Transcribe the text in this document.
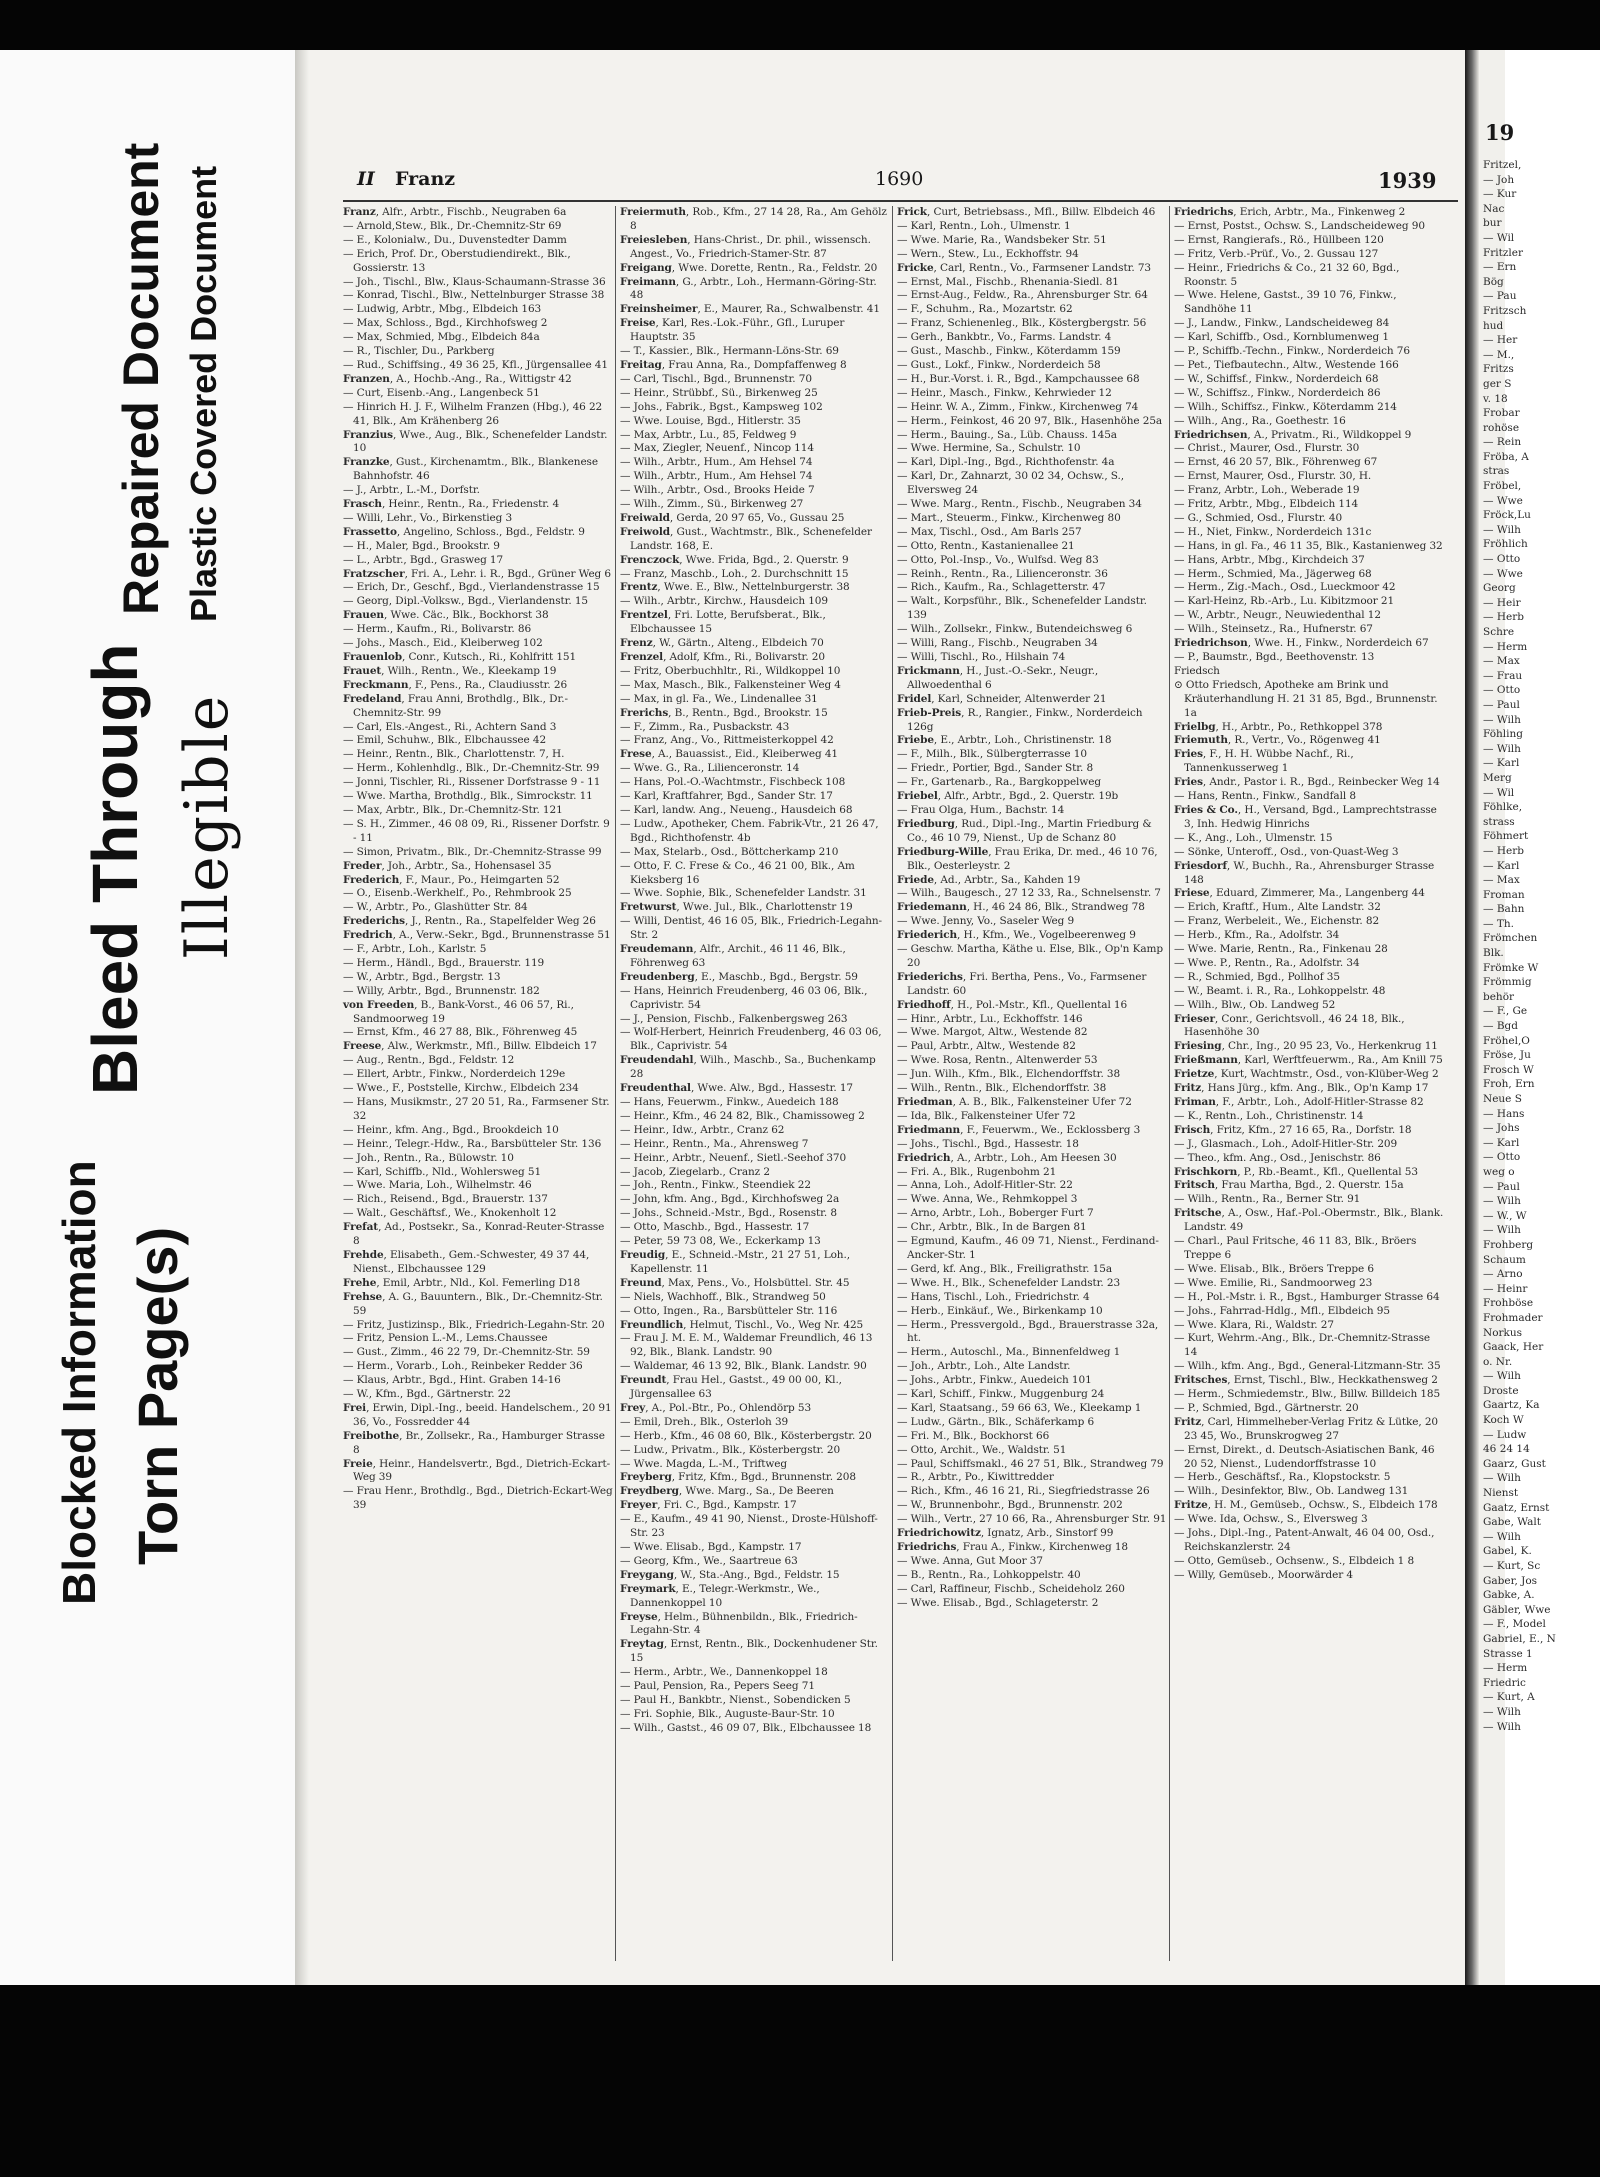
Blocked Information Torn Page(s)
Bleed Through Illegible
Repaired Document Plastic Covered Document	II Franz	1690	1939

Franz, Alfr., Arbtr., Fischb., Neugraben 6a

— Arnold,Stew., Blk., Dr.-Chemnitz-Str 69

— E., Kolonialw., Du., Duvenstedter Damm

— Erich, Prof. Dr., Oberstudiendirekt., Blk., Gossierstr. 13

— Joh., Tischl., Blw., Klaus-Schaumann-Strasse 36

— Konrad, Tischl., Blw., Nettelnburger Strasse 38

— Ludwig, Arbtr., Mbg., Elbdeich 163

— Max, Schloss., Bgd., Kirchhofsweg 2

— Max, Schmied, Mbg., Elbdeich 84a

— R., Tischler, Du., Parkberg

— Rud., Schiffsing., 49 36 25, Kfl., Jürgensallee 41

Franzen, A., Hochb.-Ang., Ra., Wittigstr 42

— Curt, Eisenb.-Ang., Langenbeck 51

— Hinrich H. J. F., Wilhelm Franzen (Hbg.), 46 22 41, Blk., Am Krähenberg 26

Franzius, Wwe., Aug., Blk., Schenefelder Landstr. 10

Franzke, Gust., Kirchenamtm., Blk., Blankenese Bahnhofstr. 46

— J., Arbtr., L.-M., Dorfstr.

Frasch, Heinr., Rentn., Ra., Friedenstr. 4

— Willi, Lehr., Vo., Birkenstieg 3

Frassetto, Angelino, Schloss., Bgd., Feldstr. 9

— H., Maler, Bgd., Brookstr. 9

— L., Arbtr., Bgd., Grasweg 17

Fratzscher, Fri. A., Lehr. i. R., Bgd., Grüner Weg 6

— Erich, Dr., Geschf., Bgd., Vierlandenstrasse 15

— Georg, Dipl.-Volksw., Bgd., Vierlandenstr. 15

Frauen, Wwe. Cäc., Blk., Bockhorst 38

— Herm., Kaufm., Ri., Bolivarstr. 86

— Johs., Masch., Eid., Kleiberweg 102

Frauenlob, Conr., Kutsch., Ri., Kohlfritt 151

Frauet, Wilh., Rentn., We., Kleekamp 19

Freckmann, F., Pens., Ra., Claudiusstr. 26

Fredeland, Frau Anni, Brothdlg., Blk., Dr.-Chemnitz-Str. 99

— Carl, Els.-Angest., Ri., Achtern Sand 3

— Emil, Schuhw., Blk., Elbchaussee 42

— Heinr., Rentn., Blk., Charlottenstr. 7, H.

— Herm., Kohlenhdlg., Blk., Dr.-Chemnitz-Str. 99

— Jonni, Tischler, Ri., Rissener Dorfstrasse 9 - 11

— Wwe. Martha, Brothdlg., Blk., Simrockstr. 11

— Max, Arbtr., Blk., Dr.-Chemnitz-Str. 121

— S. H., Zimmer., 46 08 09, Ri., Rissener Dorfstr. 9 - 11

— Simon, Privatm., Blk., Dr.-Chemnitz-Strasse 99

Freder, Joh., Arbtr., Sa., Hohensasel 35

Frederich, F., Maur., Po., Heimgarten 52

— O., Eisenb.-Werkhelf., Po., Rehmbrook 25

— W., Arbtr., Po., Glashütter Str. 84

Frederichs, J., Rentn., Ra., Stapelfelder Weg 26

Fredrich, A., Verw.-Sekr., Bgd., Brunnenstrasse 51

— F., Arbtr., Loh., Karlstr. 5

— Herm., Händl., Bgd., Brauerstr. 119

— W., Arbtr., Bgd., Bergstr. 13

— Willy, Arbtr., Bgd., Brunnenstr. 182

von Freeden, B., Bank-Vorst., 46 06 57, Ri., Sandmoorweg 19

— Ernst, Kfm., 46 27 88, Blk., Föhrenweg 45

Freese, Alw., Werkmstr., Mfl., Billw. Elbdeich 17

— Aug., Rentn., Bgd., Feldstr. 12

— Ellert, Arbtr., Finkw., Norderdeich 129e

— Wwe., F., Poststelle, Kirchw., Elbdeich 234

— Hans, Musikmstr., 27 20 51, Ra., Farmsener Str. 32

— Heinr., kfm. Ang., Bgd., Brookdeich 10

— Heinr., Telegr.-Hdw., Ra., Barsbütteler Str. 136

— Joh., Rentn., Ra., Bülowstr. 10

— Karl, Schiffb., Nld., Wohlersweg 51

— Wwe. Maria, Loh., Wilhelmstr. 46

— Rich., Reisend., Bgd., Brauerstr. 137

— Walt., Geschäftsf., We., Knokenholt 12

Frefat, Ad., Postsekr., Sa., Konrad-Reuter-Strasse 8

Frehde, Elisabeth., Gem.-Schwester, 49 37 44, Nienst., Elbchaussee 129

Frehe, Emil, Arbtr., Nld., Kol. Femerling D18

Frehse, A. G., Bauuntern., Blk., Dr.-Chemnitz-Str. 59

— Fritz, Justizinsp., Blk., Friedrich-Legahn-Str. 20

— Fritz, Pension L.-M., Lems.Chaussee

— Gust., Zimm., 46 22 79, Dr.-Chemnitz-Str. 59

— Herm., Vorarb., Loh., Reinbeker Redder 36

— Klaus, Arbtr., Bgd., Hint. Graben 14-16

— W., Kfm., Bgd., Gärtnerstr. 22

Frei, Erwin, Dipl.-Ing., beeid. Handelschem., 20 91 36, Vo., Fossredder 44

Freibothe, Br., Zollsekr., Ra., Hamburger Strasse 8

Freie, Heinr., Handelsvertr., Bgd., Dietrich-Eckart-Weg 39

— Frau Henr., Brothdlg., Bgd., Dietrich-Eckart-Weg 39

Freiermuth, Rob., Kfm., 27 14 28, Ra., Am Gehölz 8

Freiesleben, Hans-Christ., Dr. phil., wissensch. Angest., Vo., Friedrich-Stamer-Str. 87

Freigang, Wwe. Dorette, Rentn., Ra., Feldstr. 20

Freimann, G., Arbtr., Loh., Hermann-Göring-Str. 48

Freinsheimer, E., Maurer, Ra., Schwalbenstr. 41

Freise, Karl, Res.-Lok.-Führ., Gfl., Luruper Hauptstr. 35

— T., Kassier., Blk., Hermann-Löns-Str. 69

Freitag, Frau Anna, Ra., Dompfaffenweg 8

— Carl, Tischl., Bgd., Brunnenstr. 70

— Heinr., Strübbf., Sü., Birkenweg 25

— Johs., Fabrik., Bgst., Kampsweg 102

— Wwe. Louise, Bgd., Hitlerstr. 35

— Max, Arbtr., Lu., 85, Feldweg 9

— Max, Ziegler, Neuenf., Nincop 114

— Wilh., Arbtr., Hum., Am Hehsel 74

— Wilh., Arbtr., Hum., Am Hehsel 74

— Wilh., Arbtr., Osd., Brooks Heide 7

— Wilh., Zimm., Sü., Birkenweg 27

Freiwald, Gerda, 20 97 65, Vo., Gussau 25

Freiwold, Gust., Wachtmstr., Blk., Schenefelder Landstr. 168, E.

Frenczock, Wwe. Frida, Bgd., 2. Querstr. 9

— Franz, Maschb., Loh., 2. Durchschnitt 15

Frentz, Wwe. E., Blw., Nettelnburgerstr. 38

— Wilh., Arbtr., Kirchw., Hausdeich 109

Frentzel, Fri. Lotte, Berufsberat., Blk., Elbchaussee 15

Frenz, W., Gärtn., Alteng., Elbdeich 70

Frenzel, Adolf, Kfm., Ri., Bolivarstr. 20

— Fritz, Oberbuchhltr., Ri., Wildkoppel 10

— Max, Masch., Blk., Falkensteiner Weg 4

— Max, in gl. Fa., We., Lindenallee 31

Frerichs, B., Rentn., Bgd., Brookstr. 15

— F., Zimm., Ra., Pusbackstr. 43

— Franz, Ang., Vo., Rittmeisterkoppel 42

Frese, A., Bauassist., Eid., Kleiberweg 41

— Wwe. G., Ra., Lilienceronstr. 14

— Hans, Pol.-O.-Wachtmstr., Fischbeck 108

— Karl, Kraftfahrer, Bgd., Sander Str. 17

— Karl, landw. Ang., Neueng., Hausdeich 68

— Ludw., Apotheker, Chem. Fabrik-Vtr., 21 26 47, Bgd., Richthofenstr. 4b

— Max, Stelarb., Osd., Böttcherkamp 210

— Otto, F. C. Frese & Co., 46 21 00, Blk., Am Kieksberg 16

— Wwe. Sophie, Blk., Schenefelder Landstr. 31

Fretwurst, Wwe. Jul., Blk., Charlottenstr 19

— Willi, Dentist, 46 16 05, Blk., Friedrich-Legahn-Str. 2

Freudemann, Alfr., Archit., 46 11 46, Blk., Föhrenweg 63

Freudenberg, E., Maschb., Bgd., Bergstr. 59

— Hans, Heinrich Freudenberg, 46 03 06, Blk., Caprivistr. 54

— J., Pension, Fischb., Falkenbergsweg 263

— Wolf-Herbert, Heinrich Freudenberg, 46 03 06, Blk., Caprivistr. 54

Freudendahl, Wilh., Maschb., Sa., Buchenkamp 28

Freudenthal, Wwe. Alw., Bgd., Hassestr. 17

— Hans, Feuerwm., Finkw., Auedeich 188

— Heinr., Kfm., 46 24 82, Blk., Chamissoweg 2

— Heinr., Idw., Arbtr., Cranz 62

— Heinr., Rentn., Ma., Ahrensweg 7

— Heinr., Arbtr., Neuenf., Sietl.-Seehof 370

— Jacob, Ziegelarb., Cranz 2

— Joh., Rentn., Finkw., Steendiek 22

— John, kfm. Ang., Bgd., Kirchhofsweg 2a

— Johs., Schneid.-Mstr., Bgd., Rosenstr. 8

— Otto, Maschb., Bgd., Hassestr. 17

— Peter, 59 73 08, We., Eckerkamp 13

Freudig, E., Schneid.-Mstr., 21 27 51, Loh., Kapellenstr. 11

Freund, Max, Pens., Vo., Holsbüttel. Str. 45

— Niels, Wachhoff., Blk., Strandweg 50

— Otto, Ingen., Ra., Barsbütteler Str. 116

Freundlich, Helmut, Tischl., Vo., Weg Nr. 425

— Frau J. M. E. M., Waldemar Freundlich, 46 13 92, Blk., Blank. Landstr. 90

— Waldemar, 46 13 92, Blk., Blank. Landstr. 90

Freundt, Frau Hel., Gastst., 49 00 00, Kl., Jürgensallee 63

Frey, A., Pol.-Btr., Po., Ohlendörp 53

— Emil, Dreh., Blk., Osterloh 39

— Herb., Kfm., 46 08 60, Blk., Kösterbergstr. 20

— Ludw., Privatm., Blk., Kösterbergstr. 20

— Wwe. Magda, L.-M., Triftweg

Freyberg, Fritz, Kfm., Bgd., Brunnenstr. 208

Freydberg, Wwe. Marg., Sa., De Beeren

Freyer, Fri. C., Bgd., Kampstr. 17

— E., Kaufm., 49 41 90, Nienst., Droste-Hülshoff-Str. 23

— Wwe. Elisab., Bgd., Kampstr. 17

— Georg, Kfm., We., Saartreue 63

Freygang, W., Sta.-Ang., Bgd., Feldstr. 15

Freymark, E., Telegr.-Werkmstr., We., Dannenkoppel 10

Freyse, Helm., Bühnenbildn., Blk., Friedrich-Legahn-Str. 4

Freytag, Ernst, Rentn., Blk., Dockenhudener Str. 15

— Herm., Arbtr., We., Dannenkoppel 18

— Paul, Pension, Ra., Pepers Seeg 71

— Paul H., Bankbtr., Nienst., Sobendicken 5

— Fri. Sophie, Blk., Auguste-Baur-Str. 10

— Wilh., Gastst., 46 09 07, Blk., Elbchaussee 18

Frick, Curt, Betriebsass., Mfl., Billw. Elbdeich 46

— Karl, Rentn., Loh., Ulmenstr. 1

— Wwe. Marie, Ra., Wandsbeker Str. 51

— Wern., Stew., Lu., Eckhoffstr. 94

Fricke, Carl, Rentn., Vo., Farmsener Landstr. 73

— Ernst, Mal., Fischb., Rhenania-Siedl. 81

— Ernst-Aug., Feldw., Ra., Ahrensburger Str. 64

— F., Schuhm., Ra., Mozartstr. 62

— Franz, Schienenleg., Blk., Köstergbergstr. 56

— Gerh., Bankbtr., Vo., Farms. Landstr. 4

— Gust., Maschb., Finkw., Köterdamm 159

— Gust., Lokf., Finkw., Norderdeich 58

— H., Bur.-Vorst. i. R., Bgd., Kampchaussee 68

— Heinr., Masch., Finkw., Kehrwieder 12

— Heinr. W. A., Zimm., Finkw., Kirchenweg 74

— Herm., Feinkost, 46 20 97, Blk., Hasenhöhe 25a

— Herm., Bauing., Sa., Lüb. Chauss. 145a

— Wwe. Hermine, Sa., Schulstr. 10

— Karl, Dipl.-Ing., Bgd., Richthofenstr. 4a

— Karl, Dr., Zahnarzt, 30 02 34, Ochsw., S., Elversweg 24

— Wwe. Marg., Rentn., Fischb., Neugraben 34

— Mart., Steuerm., Finkw., Kirchenweg 80

— Max, Tischl., Osd., Am Barls 257

— Otto, Rentn., Kastanienallee 21

— Otto, Pol.-Insp., Vo., Wulfsd. Weg 83

— Reinh., Rentn., Ra., Lilienceronstr. 36

— Rich., Kaufm., Ra., Schlagetterstr. 47

— Walt., Korpsführ., Blk., Schenefelder Landstr. 139

— Wilh., Zollsekr., Finkw., Butendeichsweg 6

— Willi, Rang., Fischb., Neugraben 34

— Willi, Tischl., Ro., Hilshain 74

Frickmann, H., Just.-O.-Sekr., Neugr., Allwoedenthal 6

Fridel, Karl, Schneider, Altenwerder 21

Frieb-Preis, R., Rangier., Finkw., Norderdeich 126g

Friebe, E., Arbtr., Loh., Christinenstr. 18

— F., Milh., Blk., Sülbergterrasse 10

— Friedr., Portier, Bgd., Sander Str. 8

— Fr., Gartenarb., Ra., Bargkoppelweg

Friebel, Alfr., Arbtr., Bgd., 2. Querstr. 19b

— Frau Olga, Hum., Bachstr. 14

Friedburg, Rud., Dipl.-Ing., Martin Friedburg & Co., 46 10 79, Nienst., Up de Schanz 80

Friedburg-Wille, Frau Erika, Dr. med., 46 10 76, Blk., Oesterleystr. 2

Friede, Ad., Arbtr., Sa., Kahden 19

— Wilh., Baugesch., 27 12 33, Ra., Schnelsenstr. 7

Friedemann, H., 46 24 86, Blk., Strandweg 78

— Wwe. Jenny, Vo., Saseler Weg 9

Friederich, H., Kfm., We., Vogelbeerenweg 9

— Geschw. Martha, Käthe u. Else, Blk., Op'n Kamp 20

Friederichs, Fri. Bertha, Pens., Vo., Farmsener Landstr. 60

Friedhoff, H., Pol.-Mstr., Kfl., Quellental 16

— Hinr., Arbtr., Lu., Eckhoffstr. 146

— Wwe. Margot, Altw., Westende 82

— Paul, Arbtr., Altw., Westende 82

— Wwe. Rosa, Rentn., Altenwerder 53

— Jun. Wilh., Kfm., Blk., Elchendorffstr. 38

— Wilh., Rentn., Blk., Elchendorffstr. 38

Friedman, A. B., Blk., Falkensteiner Ufer 72

— Ida, Blk., Falkensteiner Ufer 72

Friedmann, F., Feuerwm., We., Ecklossberg 3

— Johs., Tischl., Bgd., Hassestr. 18

Friedrich, A., Arbtr., Loh., Am Heesen 30

— Fri. A., Blk., Rugenbohm 21

— Anna, Loh., Adolf-Hitler-Str. 22

— Wwe. Anna, We., Rehmkoppel 3

— Arno, Arbtr., Loh., Boberger Furt 7

— Chr., Arbtr., Blk., In de Bargen 81

— Egmund, Kaufm., 46 09 71, Nienst., Ferdinand-Ancker-Str. 1

— Gerd, kf. Ang., Blk., Freiligrathstr. 15a

— Wwe. H., Blk., Schenefelder Landstr. 23

— Hans, Tischl., Loh., Friedrichstr. 4

— Herb., Einkäuf., We., Birkenkamp 10

— Herm., Pressvergold., Bgd., Brauerstrasse 32a, ht.

— Herm., Autoschl., Ma., Binnenfeldweg 1

— Joh., Arbtr., Loh., Alte Landstr.

— Johs., Arbtr., Finkw., Auedeich 101

— Karl, Schiff., Finkw., Muggenburg 24

— Karl, Staatsang., 59 66 63, We., Kleekamp 1

— Ludw., Gärtn., Blk., Schäferkamp 6

— Fri. M., Blk., Bockhorst 66

— Otto, Archit., We., Waldstr. 51

— Paul, Schiffsmakl., 46 27 51, Blk., Strandweg 79

— R., Arbtr., Po., Kiwittredder

— Rich., Kfm., 46 16 21, Ri., Siegfriedstrasse 26

— W., Brunnenbohr., Bgd., Brunnenstr. 202

— Wilh., Vertr., 27 10 66, Ra., Ahrensburger Str. 91

Friedrichowitz, Ignatz, Arb., Sinstorf 99

Friedrichs, Frau A., Finkw., Kirchenweg 18

— Wwe. Anna, Gut Moor 37

— B., Rentn., Ra., Lohkoppelstr. 40

— Carl, Raffineur, Fischb., Scheideholz 260

— Wwe. Elisab., Bgd., Schlageterstr. 2

Friedrichs, Erich, Arbtr., Ma., Finkenweg 2

— Ernst, Postst., Ochsw. S., Landscheideweg 90

— Ernst, Rangierafs., Rö., Hüllbeen 120

— Fritz, Verb.-Prüf., Vo., 2. Gussau 127

— Heinr., Friedrichs & Co., 21 32 60, Bgd., Roonstr. 5

— Wwe. Helene, Gastst., 39 10 76, Finkw., Sandhöhe 11

— J., Landw., Finkw., Landscheideweg 84

— Karl, Schiffb., Osd., Kornblumenweg 1

— P., Schiffb.-Techn., Finkw., Norderdeich 76

— Pet., Tiefbautechn., Altw., Westende 166

— W., Schiffsf., Finkw., Norderdeich 68

— W., Schiffsz., Finkw., Norderdeich 86

— Wilh., Schiffsz., Finkw., Köterdamm 214

— Wilh., Ang., Ra., Goethestr. 16

Friedrichsen, A., Privatm., Ri., Wildkoppel 9

— Christ., Maurer, Osd., Flurstr. 30

— Ernst, 46 20 57, Blk., Föhrenweg 67

— Ernst, Maurer, Osd., Flurstr. 30, H.

— Franz, Arbtr., Loh., Weberade 19

— Fritz, Arbtr., Mbg., Elbdeich 114

— G., Schmied, Osd., Flurstr. 40

— H., Niet, Finkw., Norderdeich 131c

— Hans, in gl. Fa., 46 11 35, Blk., Kastanienweg 32

— Hans, Arbtr., Mbg., Kirchdeich 37

— Herm., Schmied, Ma., Jägerweg 68

— Herm., Zig.-Mach., Osd., Lueckmoor 42

— Karl-Heinz, Rb.-Arb., Lu. Kibitzmoor 21

— W., Arbtr., Neugr., Neuwiedenthal 12

— Wilh., Steinsetz., Ra., Hufnerstr. 67

Friedrichson, Wwe. H., Finkw., Norderdeich 67

— P., Baumstr., Bgd., Beethovenstr. 13

Friedsch

⊙ Otto Friedsch, Apotheke am Brink und Kräuterhandlung H. 21 31 85, Bgd., Brunnenstr. 1a

Frielbg, H., Arbtr., Po., Rethkoppel 378

Friemuth, R., Vertr., Vo., Rögenweg 41

Fries, F., H. H. Wübbe Nachf., Ri., Tannenkusserweg 1

Fries, Andr., Pastor i. R., Bgd., Reinbecker Weg 14

— Hans, Rentn., Finkw., Sandfall 8

Fries & Co., H., Versand, Bgd., Lamprechtstrasse 3, Inh. Hedwig Hinrichs

— K., Ang., Loh., Ulmenstr. 15

— Sönke, Unteroff., Osd., von-Quast-Weg 3

Friesdorf, W., Buchh., Ra., Ahrensburger Strasse 148

Friese, Eduard, Zimmerer, Ma., Langenberg 44

— Erich, Kraftf., Hum., Alte Landstr. 32

— Franz, Werbeleit., We., Eichenstr. 82

— Herb., Kfm., Ra., Adolfstr. 34

— Wwe. Marie, Rentn., Ra., Finkenau 28

— Wwe. P., Rentn., Ra., Adolfstr. 34

— R., Schmied, Bgd., Pollhof 35

— W., Beamt. i. R., Ra., Lohkoppelstr. 48

— Wilh., Blw., Ob. Landweg 52

Frieser, Conr., Gerichtsvoll., 46 24 18, Blk., Hasenhöhe 30

Friesing, Chr., Ing., 20 95 23, Vo., Herkenkrug 11

Frießmann, Karl, Werftfeuerwm., Ra., Am Knill 75

Frietze, Kurt, Wachtmstr., Osd., von-Klüber-Weg 2

Fritz, Hans Jürg., kfm. Ang., Blk., Op'n Kamp 17

Friman, F., Arbtr., Loh., Adolf-Hitler-Strasse 82

— K., Rentn., Loh., Christinenstr. 14

Frisch, Fritz, Kfm., 27 16 65, Ra., Dorfstr. 18

— J., Glasmach., Loh., Adolf-Hitler-Str. 209

— Theo., kfm. Ang., Osd., Jenischstr. 86

Frischkorn, P., Rb.-Beamt., Kfl., Quellental 53

Fritsch, Frau Martha, Bgd., 2. Querstr. 15a

— Wilh., Rentn., Ra., Berner Str. 91

Fritsche, A., Osw., Haf.-Pol.-Obermstr., Blk., Blank. Landstr. 49

— Charl., Paul Fritsche, 46 11 83, Blk., Bröers Treppe 6

— Wwe. Elisab., Blk., Bröers Treppe 6

— Wwe. Emilie, Ri., Sandmoorweg 23

— H., Pol.-Mstr. i. R., Bgst., Hamburger Strasse 64

— Johs., Fahrrad-Hdlg., Mfl., Elbdeich 95

— Wwe. Klara, Ri., Waldstr. 27

— Kurt, Wehrm.-Ang., Blk., Dr.-Chemnitz-Strasse 14

— Wilh., kfm. Ang., Bgd., General-Litzmann-Str. 35

Fritsches, Ernst, Tischl., Blw., Heckkathensweg 2

— Herm., Schmiedemstr., Blw., Billw. Billdeich 185

— P., Schmied, Bgd., Gärtnerstr. 20

Fritz, Carl, Himmelheber-Verlag Fritz & Lütke, 20 23 45, Wo., Brunskrogweg 27

— Ernst, Direkt., d. Deutsch-Asiatischen Bank, 46 20 52, Nienst., Ludendorffstrasse 10

— Herb., Geschäftsf., Ra., Klopstockstr. 5

— Wilh., Desinfektor, Blw., Ob. Landweg 131

Fritze, H. M., Gemüseb., Ochsw., S., Elbdeich 178

— Wwe. Ida, Ochsw., S., Elversweg 3

— Johs., Dipl.-Ing., Patent-Anwalt, 46 04 00, Osd., Reichskanzlerstr. 24

— Otto, Gemüseb., Ochsenw., S., Elbdeich 1 8

— Willy, Gemüseb., Moorwärder 4

19
Fritzel,
— Joh
— Kur
Nac
bur
— Wil
Fritzler
— Ern
Bög
— Pau
Fritzsch
hud
— Her
— M.,
Fritzs
ger S
v. 18
Frobar
rohöse
— Rein
Fröba, A
stras
Fröbel,
— Wwe
Fröck,Lu
— Wilh
Fröhlich
— Otto
— Wwe
Georg
— Heir
— Herb
Schre
— Herm
— Max
— Frau
— Otto
— Paul
— Wilh
Föhling
— Wilh
— Karl
Merg
— Wil
Föhlke,
strass
Föhmert
— Herb
— Karl
— Max
Froman
— Bahn
— Th.
Frömchen
Blk.
Frömke W
Frömmig
behör
— F., Ge
— Bgd
Fröhel,O
Fröse, Ju
Frosch W
Froh, Ern
Neue S
— Hans
— Johs
— Karl
— Otto
weg o
— Paul
— Wilh
— W., W
— Wilh
Frohberg
Schaum
— Arno
— Heinr
Frohböse
Frohmader
Norkus
Gaack, Her
o. Nr.
— Wilh
Droste
Gaartz, Ka
Koch W
— Ludw
46 24 14
Gaarz, Gust
— Wilh
Nienst
Gaatz, Ernst
Gabe, Walt
— Wilh
Gabel, K.
— Kurt, Sc
Gaber, Jos
Gabke, A.
Gäbler, Wwe
— F., Model
Gabriel, E., N
Strasse 1
— Herm
Friedric
— Kurt, A
— Wilh
— Wilh
